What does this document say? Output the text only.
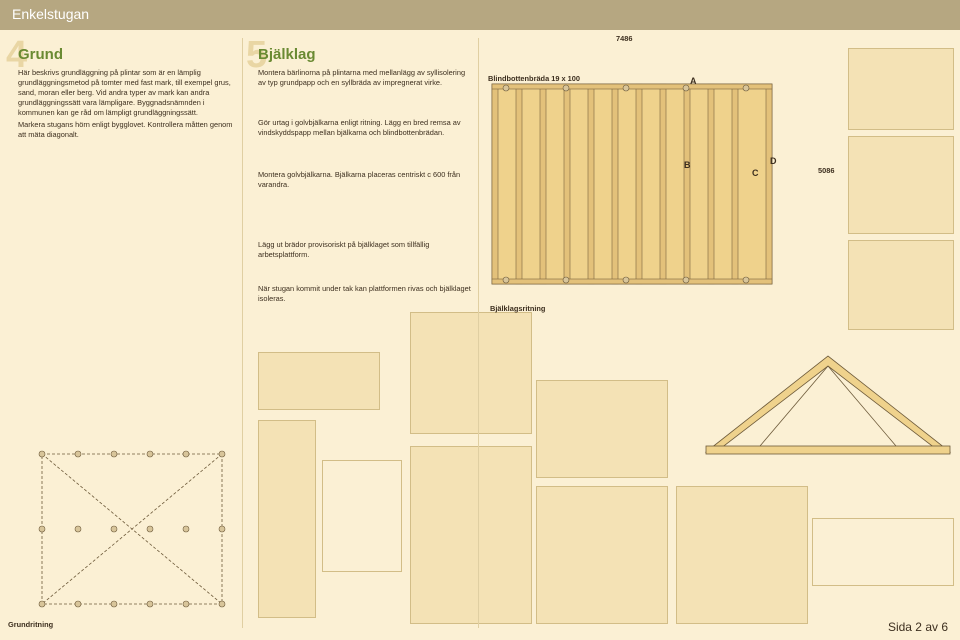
Enkelstugan
4
Grund
Här beskrivs grundläggning på plintar som är en lämplig grundläggningsmetod på tomter med fast mark, till exempel grus, sand, moran eller berg. Vid andra typer av mark kan andra grundläggningssätt vara lämpligare. Byggnadsnämnden i kommunen kan ge råd om lämpligt grundläggningssätt.
Markera stugans hörn enligt bygglovet. Kontrollera måtten genom att mäta diagonalt.
Grundritning
5
Bjälklag
Montera bärlinorna på plintarna med mellanlägg av syllisolering av typ grundpapp och en syllbräda av impregnerat virke.
Gör urtag i golvbjälkarna enligt ritning. Lägg en bred remsa av vindskyddspapp mellan bjälkarna och blindbottenbrädan.
Montera golvbjälkarna. Bjälkarna placeras centriskt c 600 från varandra.
Lägg ut brädor provisoriskt på bjälklaget som tillfällig arbetsplattform.
När stugan kommit under tak kan plattformen rivas och bjälklaget isoleras.
Blindbottenbräda 19 x 100
7486
5086
A
B
C
D
Bjälklagsritning
Sida 2 av 6
